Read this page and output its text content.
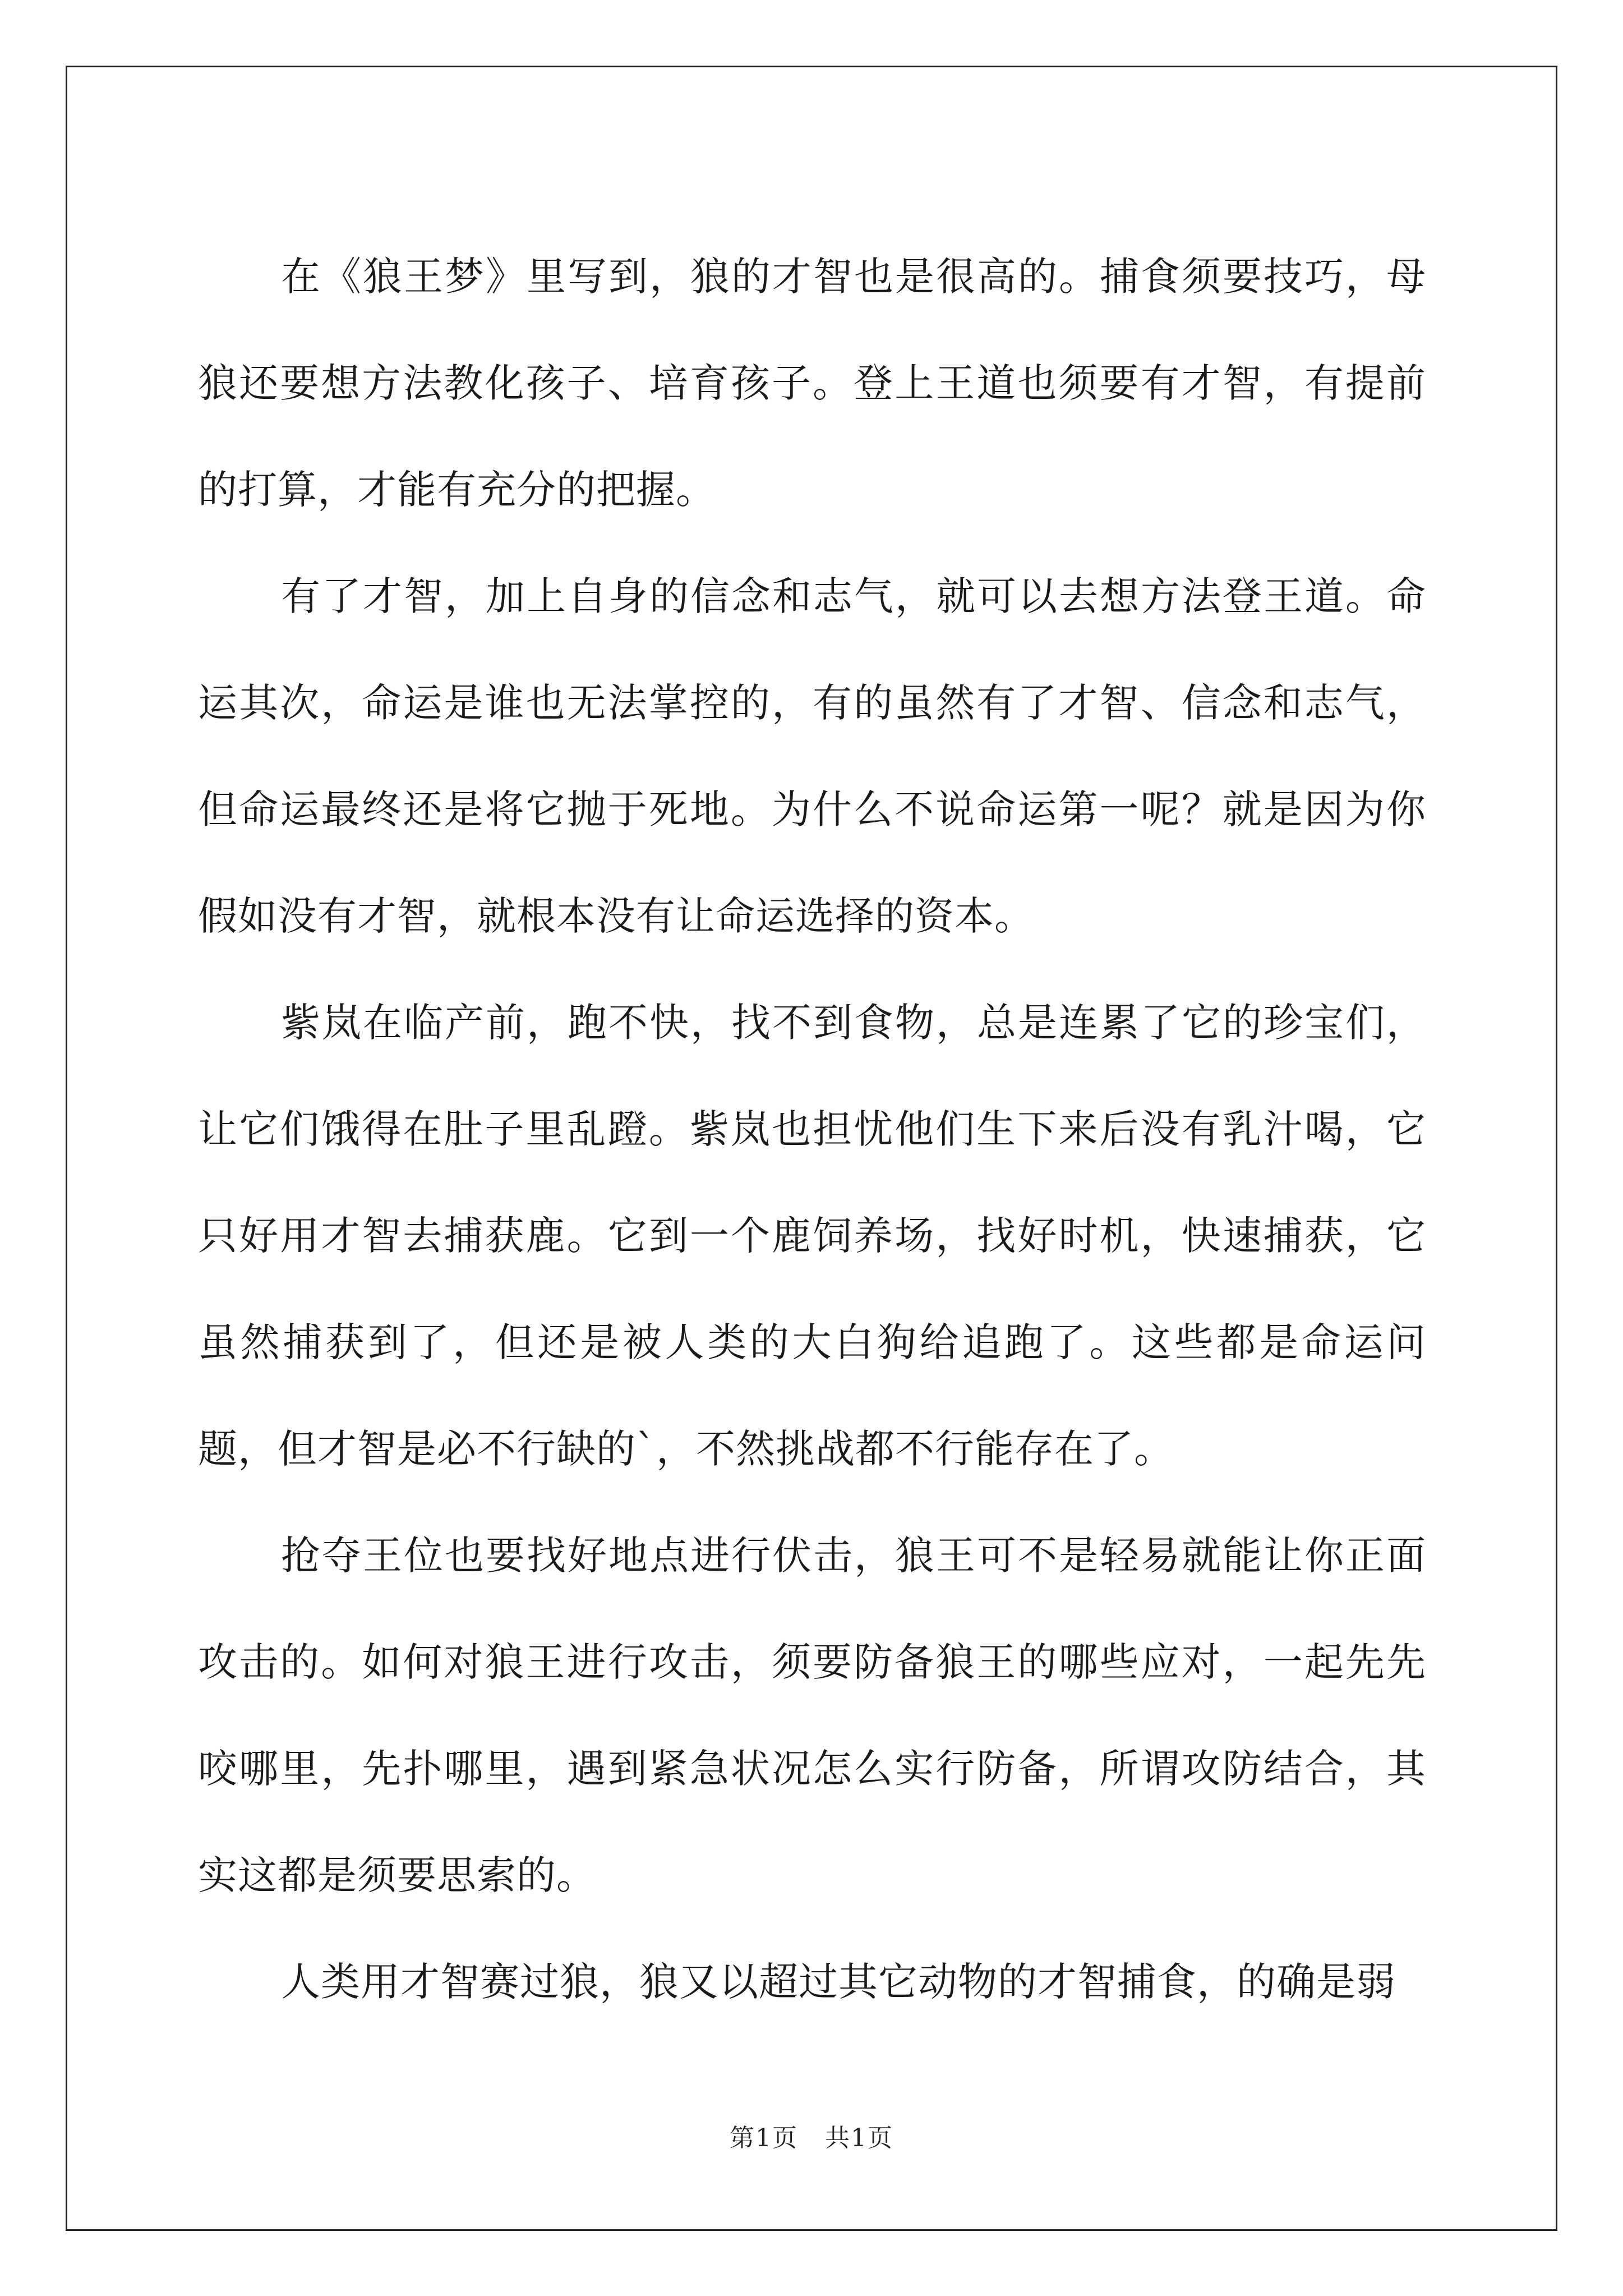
在《狼王梦》里写到，狼的才智也是很高的。捕食须要技巧，母狼还要想方法教化孩子、培育孩子。登上王道也须要有才智，有提前的打算，才能有充分的把握。

有了才智，加上自身的信念和志气，就可以去想方法登王道。命运其次，命运是谁也无法掌控的，有的虽然有了才智、信念和志气，但命运最终还是将它抛于死地。为什么不说命运第一呢？就是因为你假如没有才智，就根本没有让命运选择的资本。

紫岚在临产前，跑不快，找不到食物，总是连累了它的珍宝们，让它们饿得在肚子里乱蹬。紫岚也担忧他们生下来后没有乳汁喝，它只好用才智去捕获鹿。它到一个鹿饲养场，找好时机，快速捕获，它虽然捕获到了，但还是被人类的大白狗给追跑了。这些都是命运问题，但才智是必不行缺的`，不然挑战都不行能存在了。

抢夺王位也要找好地点进行伏击，狼王可不是轻易就能让你正面攻击的。如何对狼王进行攻击，须要防备狼王的哪些应对，一起先先咬哪里，先扑哪里，遇到紧急状况怎么实行防备，所谓攻防结合，其实这都是须要思索的。

人类用才智赛过狼，狼又以超过其它动物的才智捕食，的确是弱

第1页 共1页
